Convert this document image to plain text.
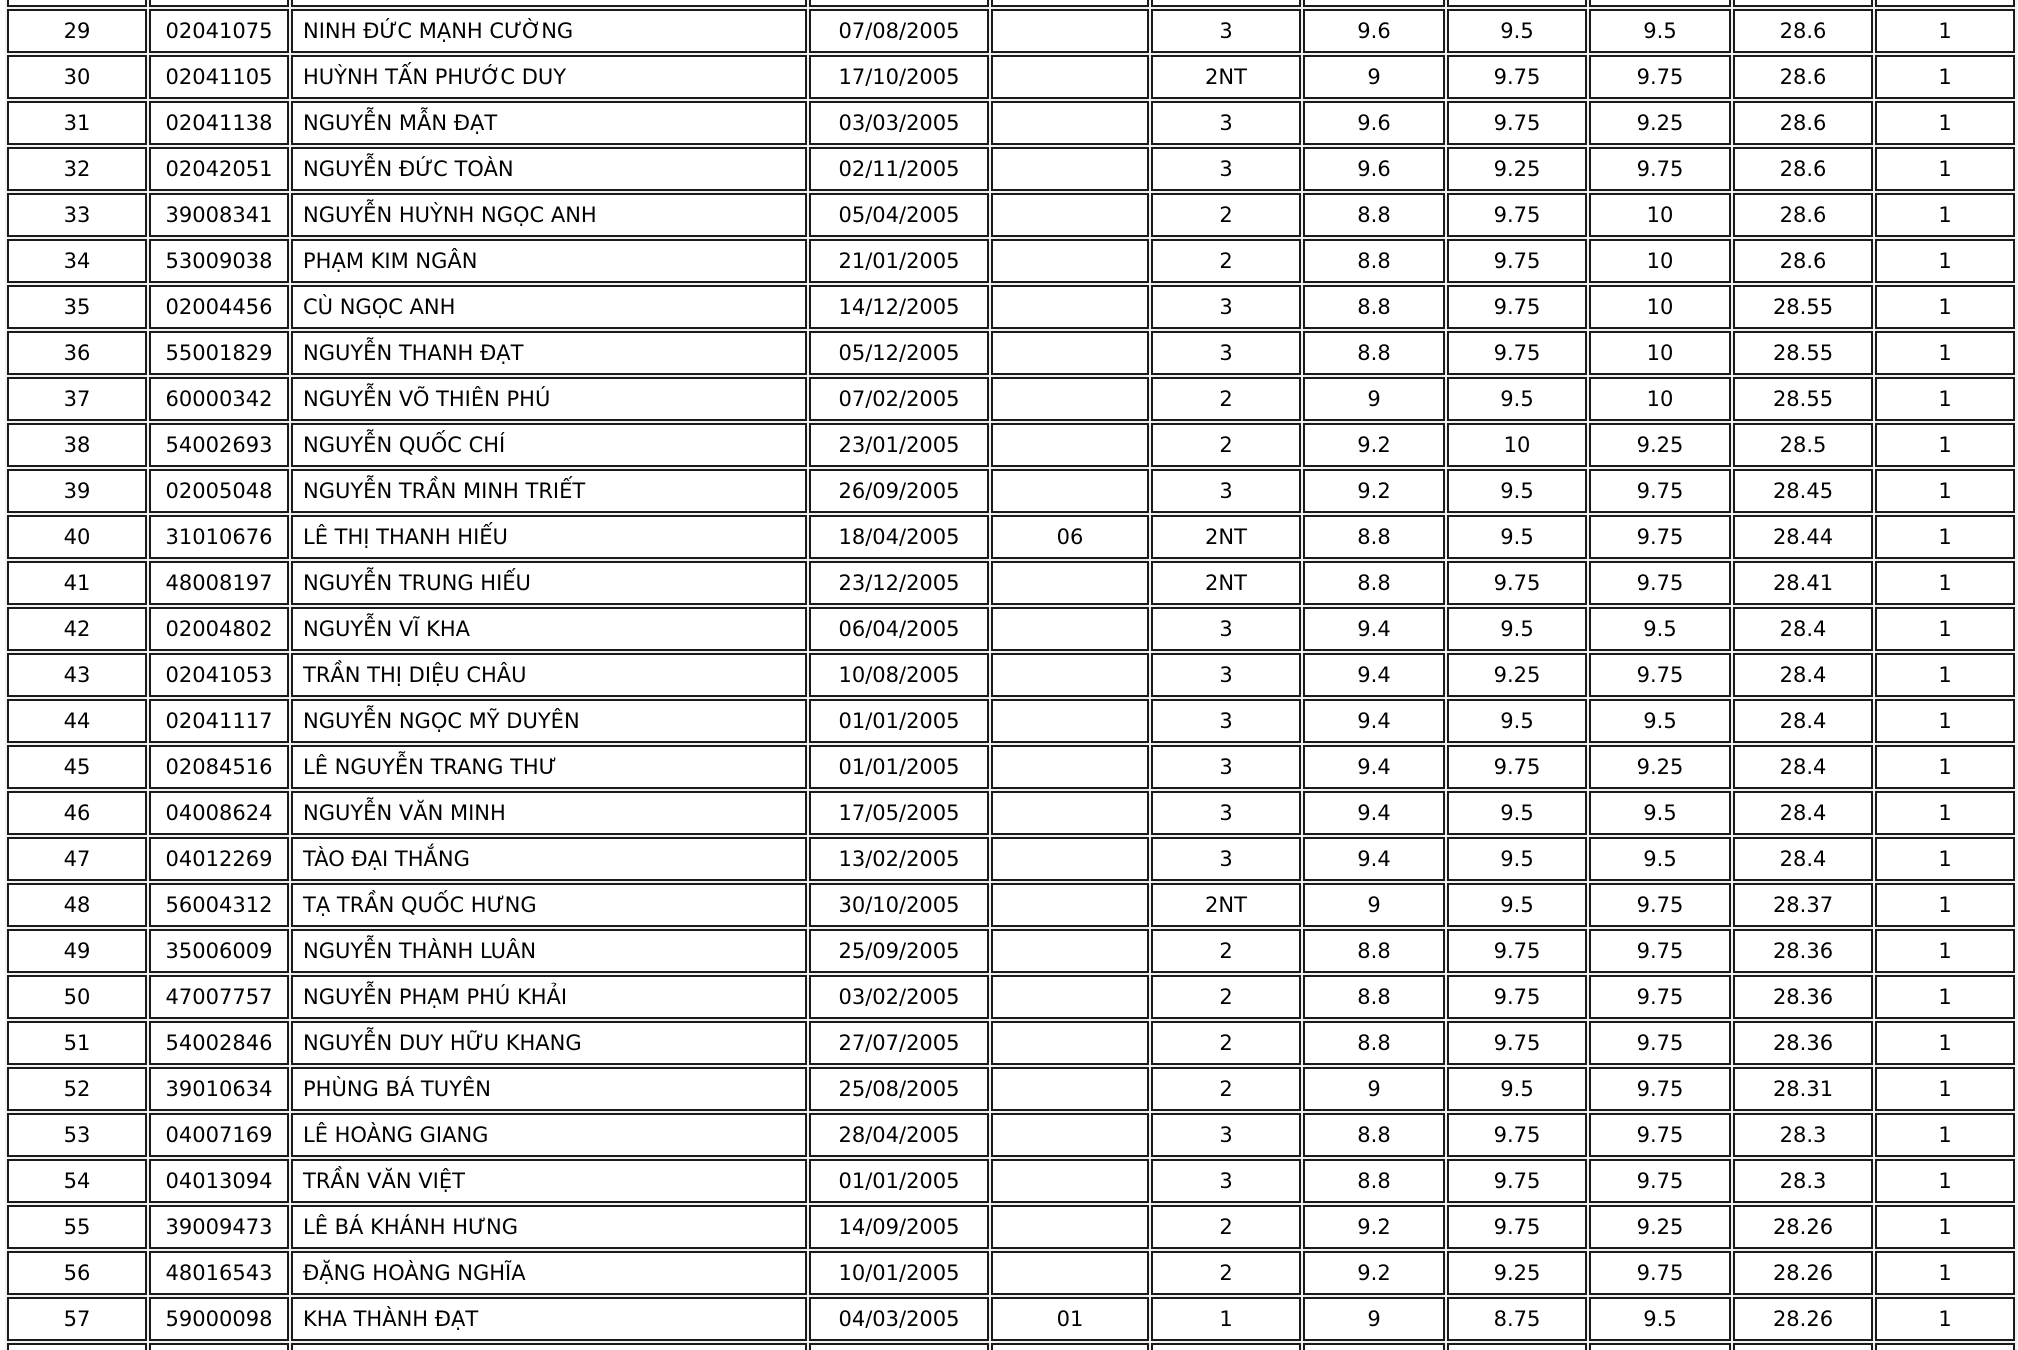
29	02041075	NINH ĐỨC MẠNH CƯỜNG	07/08/2005		3	9.6	9.5	9.5	28.6	1
30	02041105	HUỲNH TẤN PHƯỚC DUY	17/10/2005		2NT	9	9.75	9.75	28.6	1
31	02041138	NGUYỄN MẪN ĐẠT	03/03/2005		3	9.6	9.75	9.25	28.6	1
32	02042051	NGUYỄN ĐỨC TOÀN	02/11/2005		3	9.6	9.25	9.75	28.6	1
33	39008341	NGUYỄN HUỲNH NGỌC ANH	05/04/2005		2	8.8	9.75	10	28.6	1
34	53009038	PHẠM KIM NGÂN	21/01/2005		2	8.8	9.75	10	28.6	1
35	02004456	CÙ NGỌC ANH	14/12/2005		3	8.8	9.75	10	28.55	1
36	55001829	NGUYỄN THANH ĐẠT	05/12/2005		3	8.8	9.75	10	28.55	1
37	60000342	NGUYỄN VÕ THIÊN PHÚ	07/02/2005		2	9	9.5	10	28.55	1
38	54002693	NGUYỄN QUỐC CHÍ	23/01/2005		2	9.2	10	9.25	28.5	1
39	02005048	NGUYỄN TRẦN MINH TRIẾT	26/09/2005		3	9.2	9.5	9.75	28.45	1
40	31010676	LÊ THỊ THANH HIẾU	18/04/2005	06	2NT	8.8	9.5	9.75	28.44	1
41	48008197	NGUYỄN TRUNG HIẾU	23/12/2005		2NT	8.8	9.75	9.75	28.41	1
42	02004802	NGUYỄN VĨ KHA	06/04/2005		3	9.4	9.5	9.5	28.4	1
43	02041053	TRẦN THỊ DIỆU CHÂU	10/08/2005		3	9.4	9.25	9.75	28.4	1
44	02041117	NGUYỄN NGỌC MỸ DUYÊN	01/01/2005		3	9.4	9.5	9.5	28.4	1
45	02084516	LÊ NGUYỄN TRANG THƯ	01/01/2005		3	9.4	9.75	9.25	28.4	1
46	04008624	NGUYỄN VĂN MINH	17/05/2005		3	9.4	9.5	9.5	28.4	1
47	04012269	TÀO ĐẠI THẮNG	13/02/2005		3	9.4	9.5	9.5	28.4	1
48	56004312	TẠ TRẦN QUỐC HƯNG	30/10/2005		2NT	9	9.5	9.75	28.37	1
49	35006009	NGUYỄN THÀNH LUÂN	25/09/2005		2	8.8	9.75	9.75	28.36	1
50	47007757	NGUYỄN PHẠM PHÚ KHẢI	03/02/2005		2	8.8	9.75	9.75	28.36	1
51	54002846	NGUYỄN DUY HỮU KHANG	27/07/2005		2	8.8	9.75	9.75	28.36	1
52	39010634	PHÙNG BÁ TUYÊN	25/08/2005		2	9	9.5	9.75	28.31	1
53	04007169	LÊ HOÀNG GIANG	28/04/2005		3	8.8	9.75	9.75	28.3	1
54	04013094	TRẦN VĂN VIỆT	01/01/2005		3	8.8	9.75	9.75	28.3	1
55	39009473	LÊ BÁ KHÁNH HƯNG	14/09/2005		2	9.2	9.75	9.25	28.26	1
56	48016543	ĐẶNG HOÀNG NGHĨA	10/01/2005		2	9.2	9.25	9.75	28.26	1
57	59000098	KHA THÀNH ĐẠT	04/03/2005	01	1	9	8.75	9.5	28.26	1
